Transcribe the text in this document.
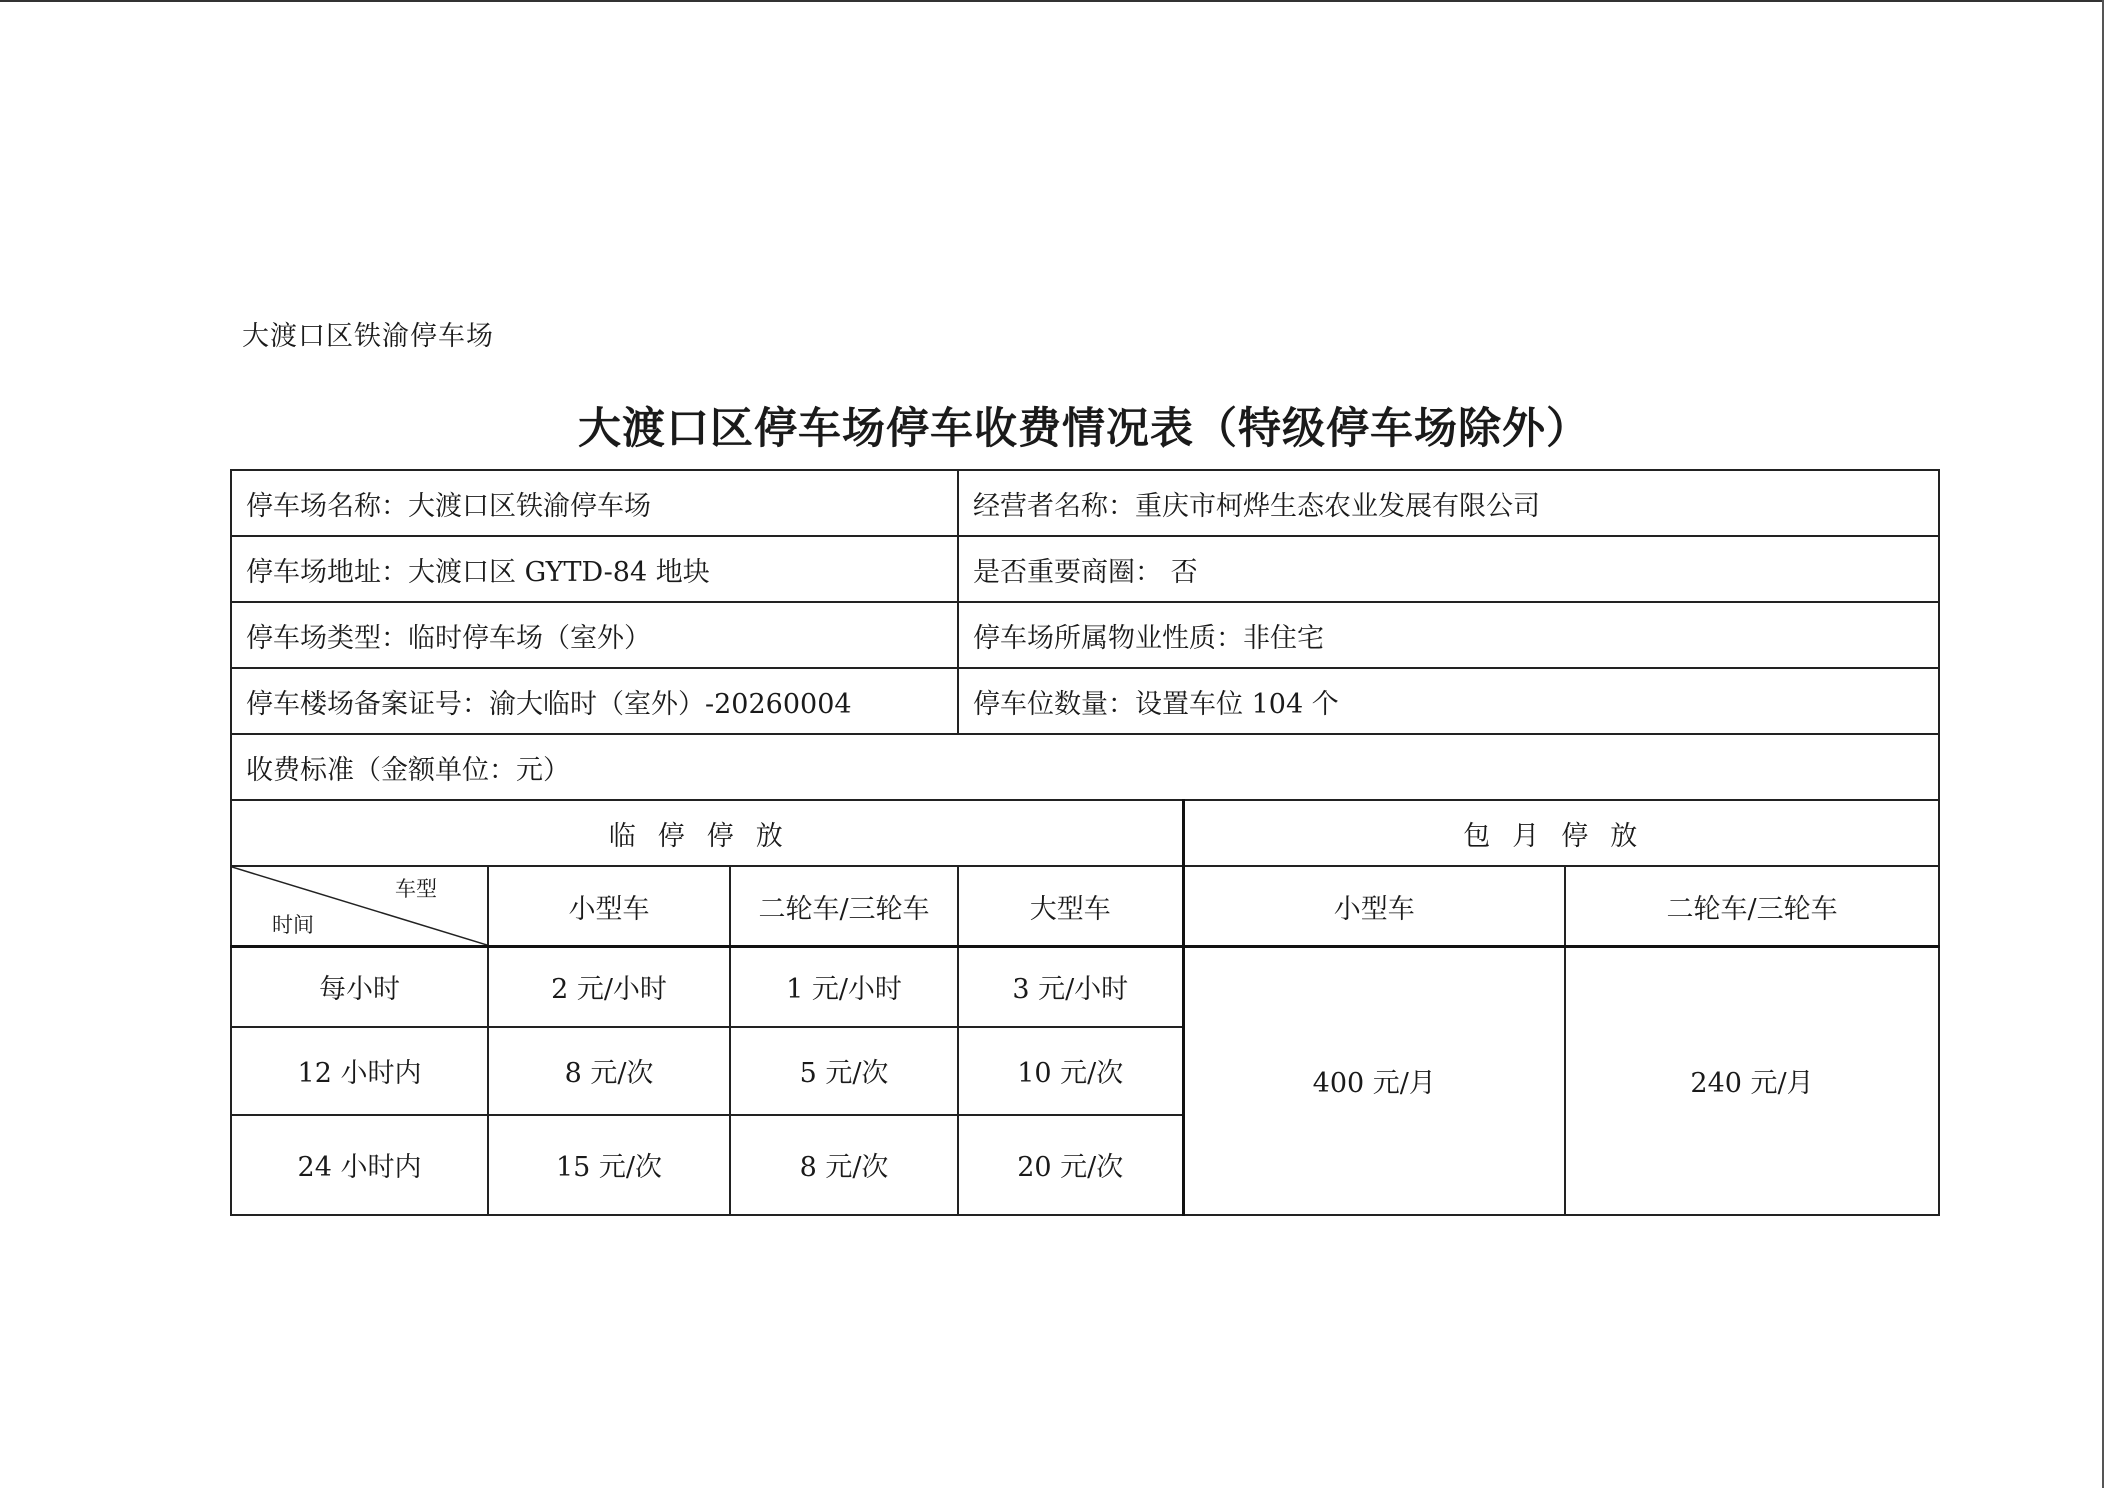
大渡口区铁渝停车场
大渡口区停车场停车收费情况表（特级停车场除外）
停车场名称：大渡口区铁渝停车场			经营者名称：重庆市柯烨生态农业发展有限公司		
停车场地址：大渡口区 GYTD-84 地块			是否重要商圈： 否		
停车场类型：临时停车场（室外）			停车场所属物业性质：非住宅		
停车楼场备案证号：渝大临时（室外）-20260004			停车位数量：设置车位 104 个		
收费标准（金额单位：元）					
临停停放				包月停放	

车型
时间	小型车	二轮车/三轮车	大型车	小型车	二轮车/三轮车
每小时	2 元/小时	1 元/小时	3 元/小时	400 元/月	240 元/月
12 小时内	8 元/次	5 元/次	10 元/次		
24 小时内	15 元/次	8 元/次	20 元/次		
